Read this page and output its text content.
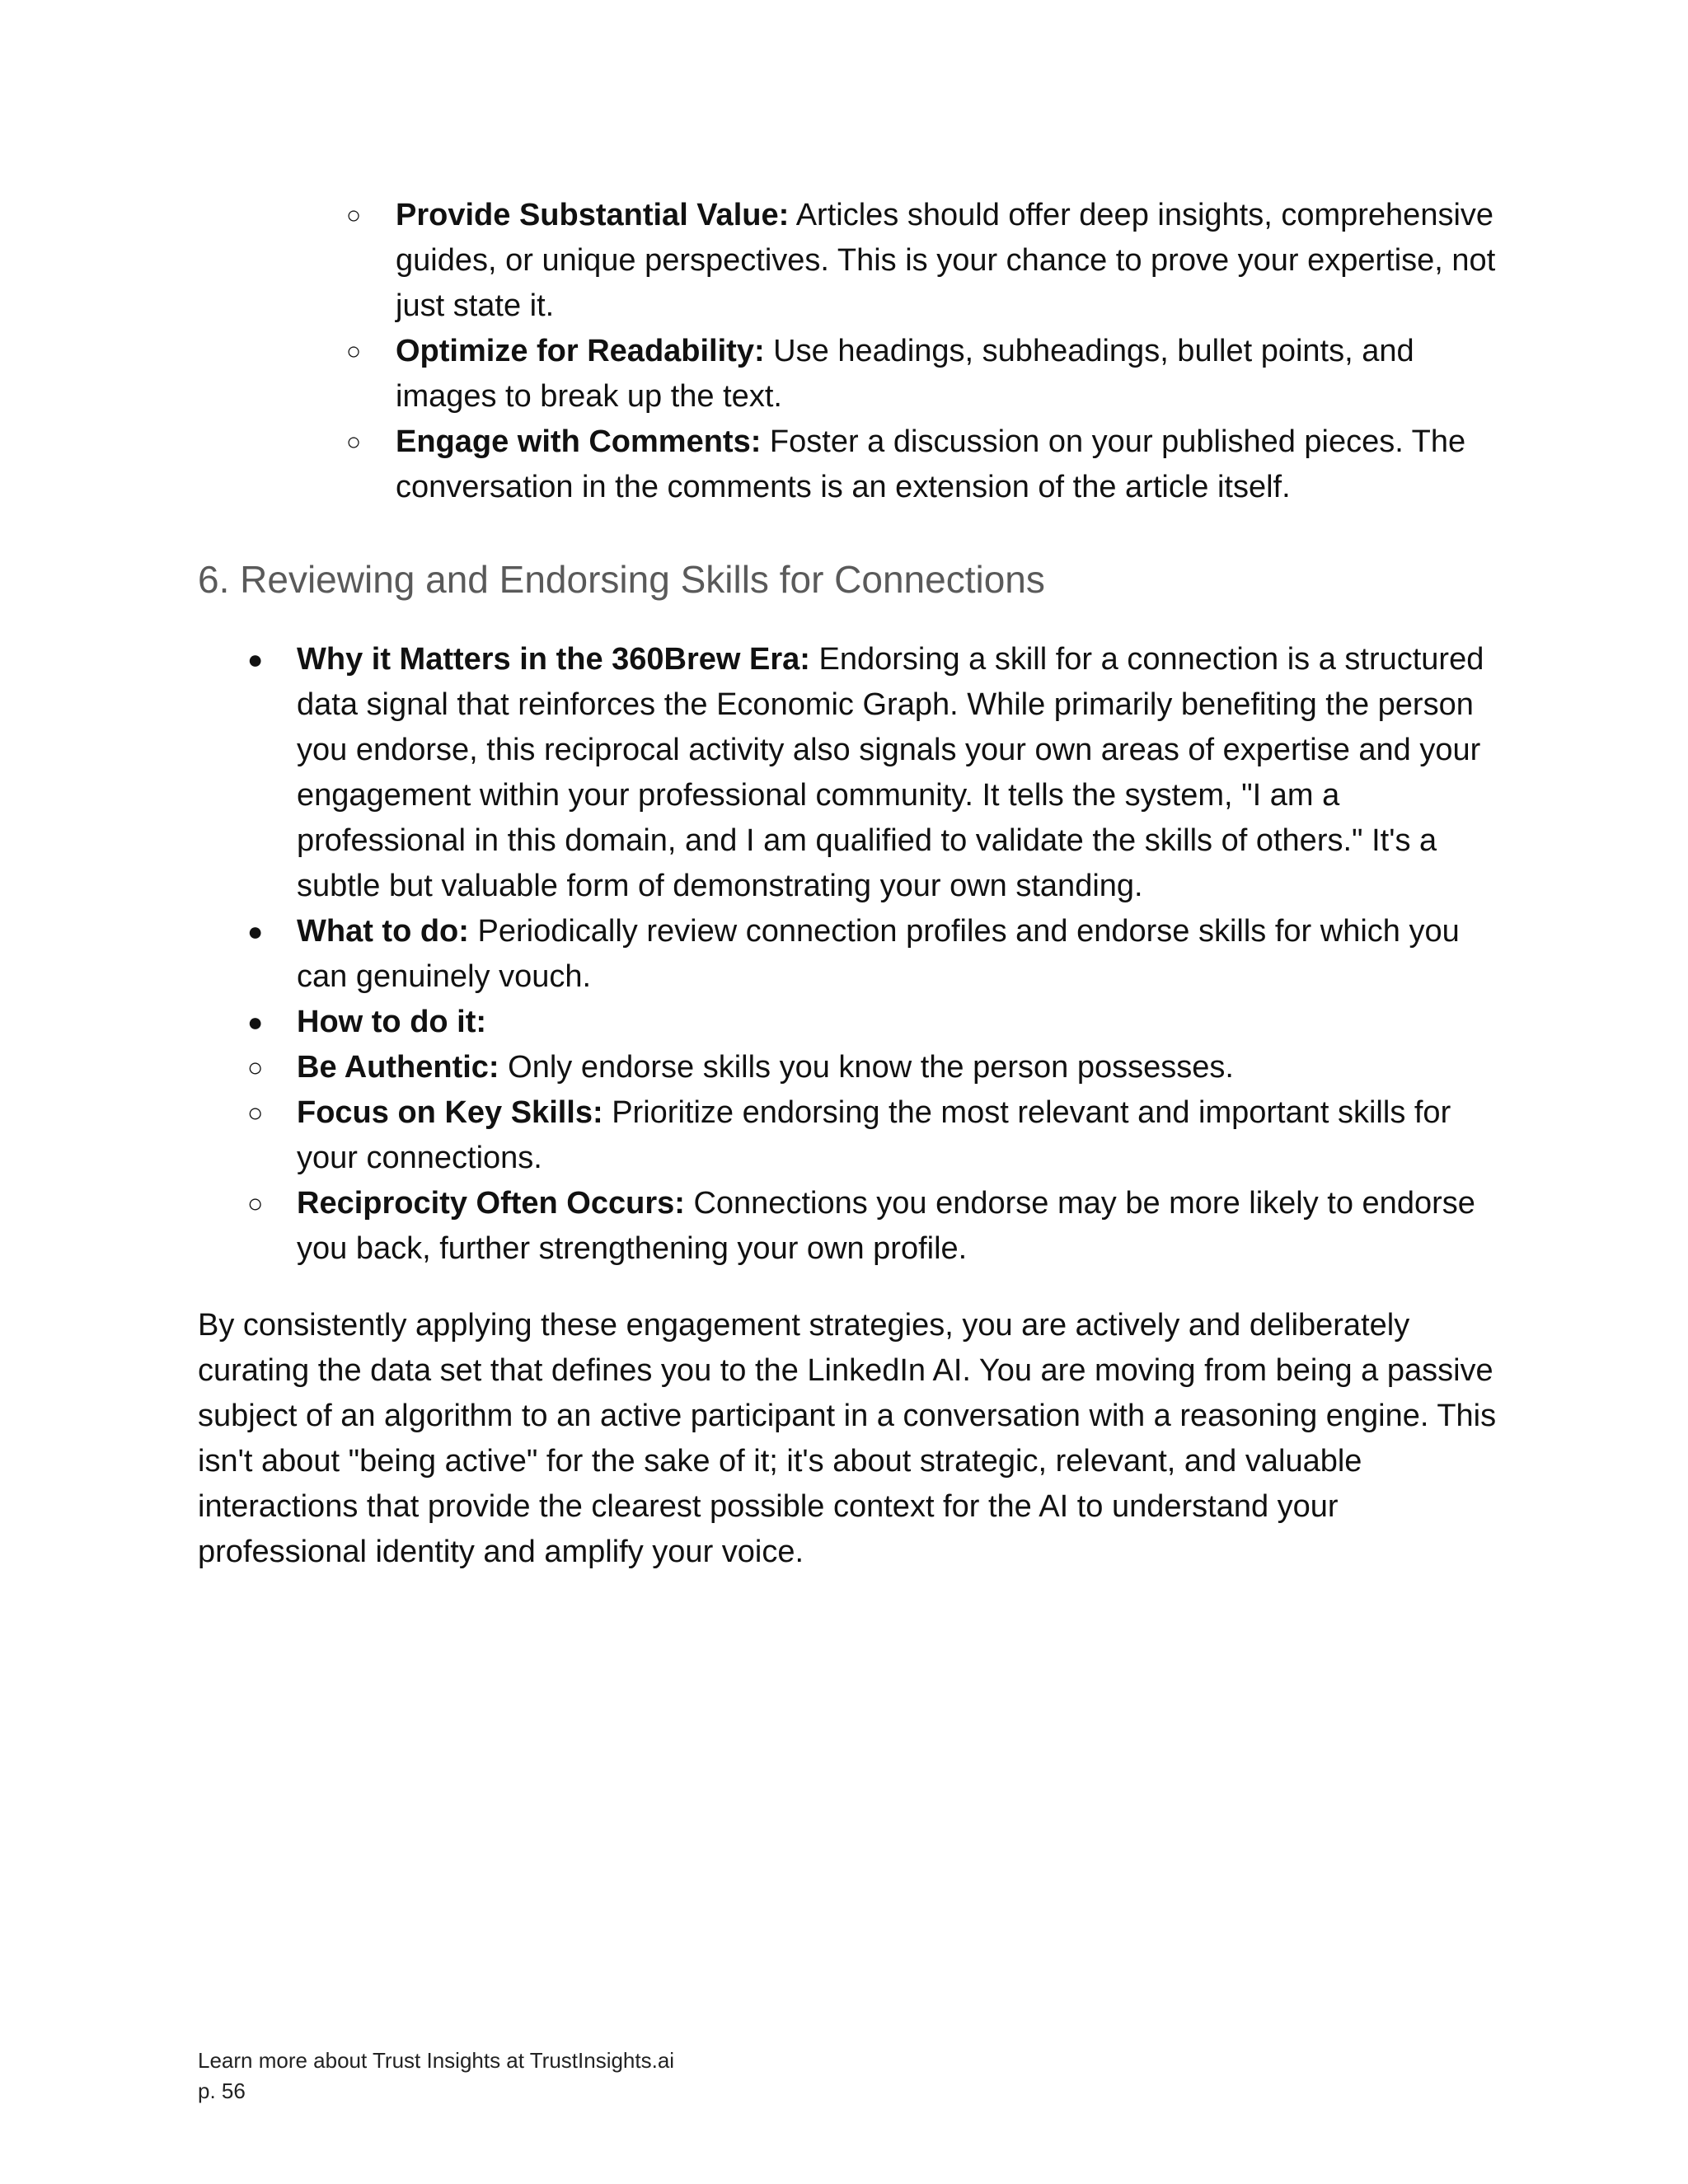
○	Provide Substantial Value: Articles should offer deep insights, comprehensive guides, or unique perspectives. This is your chance to prove your expertise, not just state it.
○	Optimize for Readability: Use headings, subheadings, bullet points, and images to break up the text.
○	Engage with Comments: Foster a discussion on your published pieces. The conversation in the comments is an extension of the article itself.
6. Reviewing and Endorsing Skills for Connections
●	Why it Matters in the 360Brew Era: Endorsing a skill for a connection is a structured data signal that reinforces the Economic Graph. While primarily benefiting the person you endorse, this reciprocal activity also signals your own areas of expertise and your engagement within your professional community. It tells the system, "I am a professional in this domain, and I am qualified to validate the skills of others." It's a subtle but valuable form of demonstrating your own standing.
●	What to do: Periodically review connection profiles and endorse skills for which you can genuinely vouch.
●	How to do it:
○	Be Authentic: Only endorse skills you know the person possesses.
○	Focus on Key Skills: Prioritize endorsing the most relevant and important skills for your connections.
○	Reciprocity Often Occurs: Connections you endorse may be more likely to endorse you back, further strengthening your own profile.

By consistently applying these engagement strategies, you are actively and deliberately curating the data set that defines you to the LinkedIn AI. You are moving from being a passive subject of an algorithm to an active participant in a conversation with a reasoning engine. This isn't about "being active" for the sake of it; it's about strategic, relevant, and valuable interactions that provide the clearest possible context for the AI to understand your professional identity and amplify your voice.

Learn more about Trust Insights at TrustInsights.ai
p. 56
